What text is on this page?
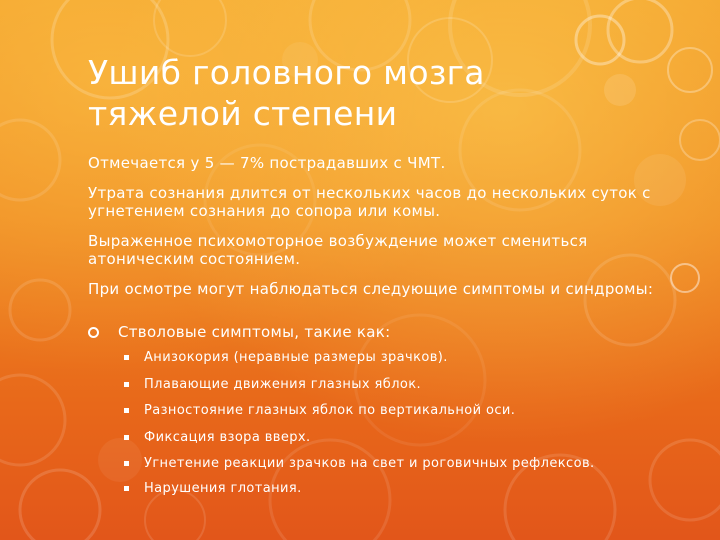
Ушиб головного мозга тяжелой степени

Отмечается у 5 — 7% пострадавших с ЧМТ.

Утрата сознания длится от нескольких часов до нескольких суток с угнетением сознания до сопора или комы.

Выраженное психомоторное возбуждение может смениться атоническим состоянием.

При осмотре могут наблюдаться следующие симптомы и синдромы:

Стволовые симптомы, такие как:
Анизокория (неравные размеры зрачков).
Плавающие движения глазных яблок.
Разностояние глазных яблок по вертикальной оси.
Фиксация взора вверх.
Угнетение реакции зрачков на свет и роговичных рефлексов.
Нарушения глотания.
